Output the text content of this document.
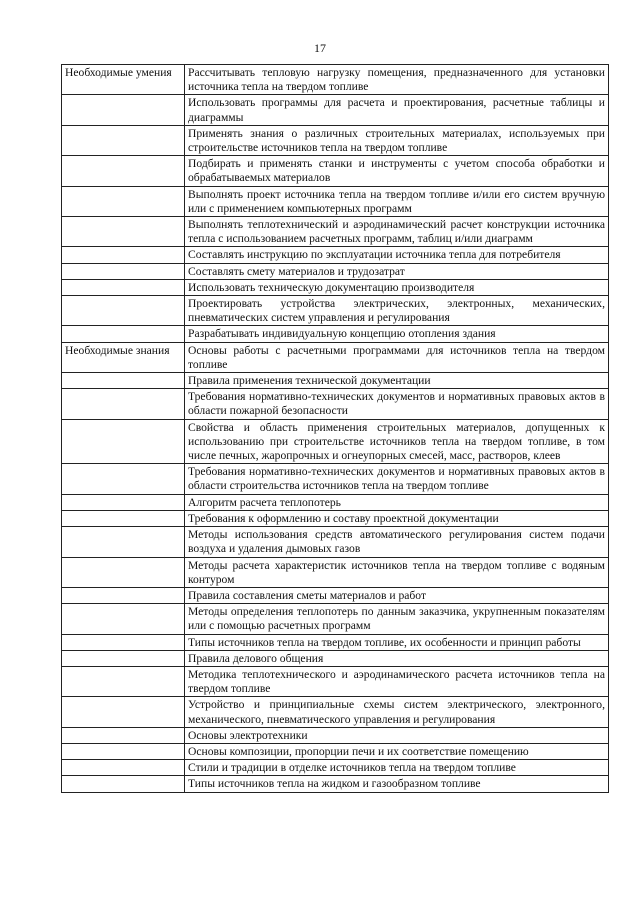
17
Необходимые умения	Рассчитывать тепловую нагрузку помещения, предназначенного для установки источника тепла на твердом топливе
	Использовать программы для расчета и проектирования, расчетные таблицы и диаграммы
	Применять знания о различных строительных материалах, используемых при строительстве источников тепла на твердом топливе
	Подбирать и применять станки и инструменты с учетом способа обработки и обрабатываемых материалов
	Выполнять проект источника тепла на твердом топливе и/или его систем вручную или с применением компьютерных программ
	Выполнять теплотехнический и аэродинамический расчет конструкции источника тепла с использованием расчетных программ, таблиц и/или диаграмм
	Составлять инструкцию по эксплуатации источника тепла для потребителя
	Составлять смету материалов и трудозатрат
	Использовать техническую документацию производителя
	Проектировать устройства электрических, электронных, механических, пневматических систем управления и регулирования
	Разрабатывать индивидуальную концепцию отопления здания
Необходимые знания	Основы работы с расчетными программами для источников тепла на твердом топливе
	Правила применения технической документации
	Требования нормативно-технических документов и нормативных правовых актов в области пожарной безопасности
	Свойства и область применения строительных материалов, допущенных к использованию при строительстве источников тепла на твердом топливе, в том числе печных, жаропрочных и огнеупорных смесей, масс, растворов, клеев
	Требования нормативно-технических документов и нормативных правовых актов в области строительства источников тепла на твердом топливе
	Алгоритм расчета теплопотерь
	Требования к оформлению и составу проектной документации
	Методы использования средств автоматического регулирования систем подачи воздуха и удаления дымовых газов
	Методы расчета характеристик источников тепла на твердом топливе с водяным контуром
	Правила составления сметы материалов и работ
	Методы определения теплопотерь по данным заказчика, укрупненным показателям или с помощью расчетных программ
	Типы источников тепла на твердом топливе, их особенности и принцип работы
	Правила делового общения
	Методика теплотехнического и аэродинамического расчета источников тепла на твердом топливе
	Устройство и принципиальные схемы систем электрического, электронного, механического, пневматического управления и регулирования
	Основы электротехники
	Основы композиции, пропорции печи и их соответствие помещению
	Стили и традиции в отделке источников тепла на твердом топливе
	Типы источников тепла на жидком и газообразном топливе
